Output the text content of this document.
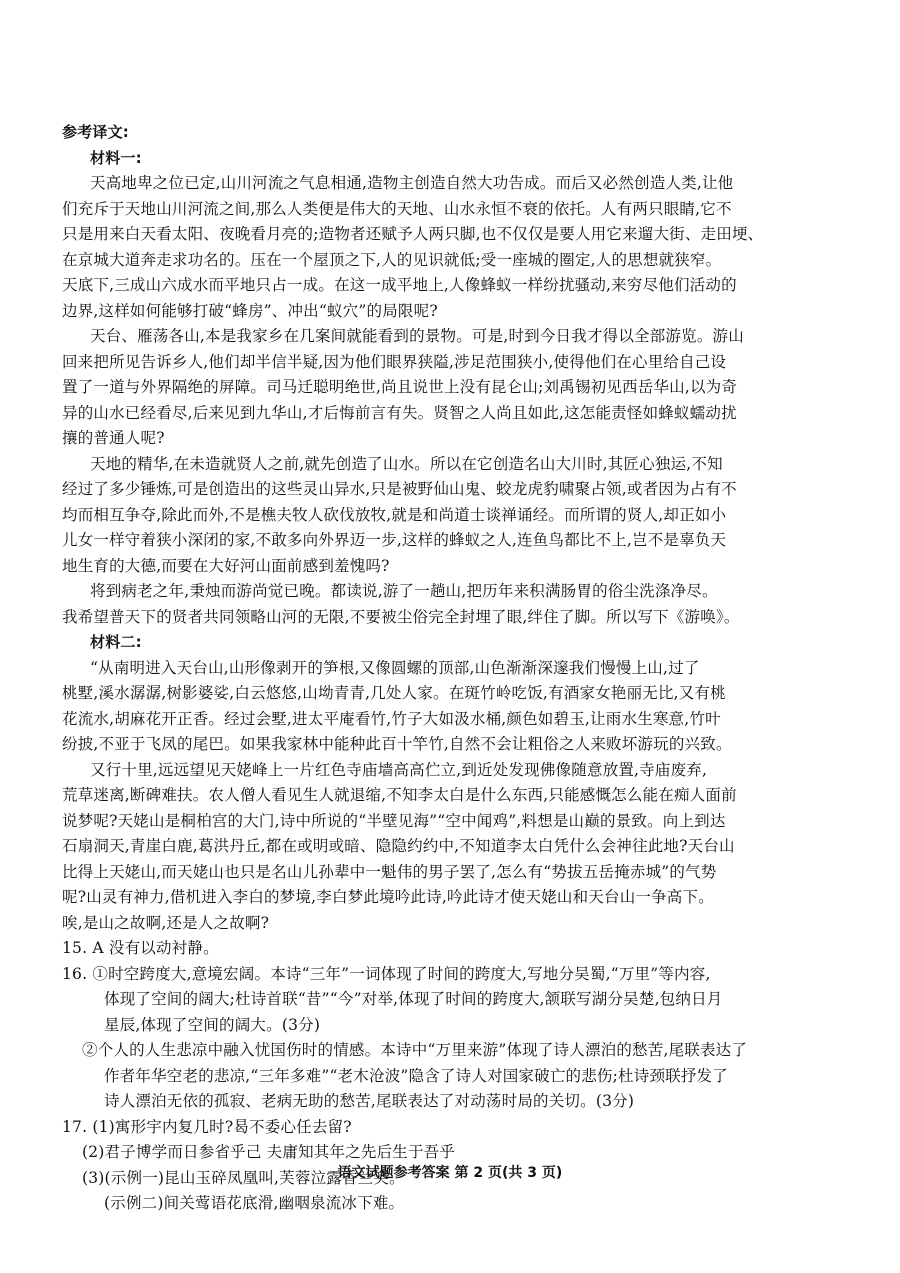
参考译文:
材料一:
天高地卑之位已定,山川河流之气息相通,造物主创造自然大功告成。而后又必然创造人类,让他
们充斥于天地山川河流之间,那么人类便是伟大的天地、山水永恒不衰的依托。人有两只眼睛,它不
只是用来白天看太阳、夜晚看月亮的;造物者还赋予人两只脚,也不仅仅是要人用它来遛大街、走田埂、
在京城大道奔走求功名的。压在一个屋顶之下,人的见识就低;受一座城的圈定,人的思想就狭窄。
天底下,三成山六成水而平地只占一成。在这一成平地上,人像蜂蚁一样纷扰骚动,来穷尽他们活动的
边界,这样如何能够打破“蜂房”、冲出“蚁穴”的局限呢?
天台、雁荡各山,本是我家乡在几案间就能看到的景物。可是,时到今日我才得以全部游览。游山
回来把所见告诉乡人,他们却半信半疑,因为他们眼界狭隘,涉足范围狭小,使得他们在心里给自己设
置了一道与外界隔绝的屏障。司马迁聪明绝世,尚且说世上没有昆仑山;刘禹锡初见西岳华山,以为奇
异的山水已经看尽,后来见到九华山,才后悔前言有失。贤智之人尚且如此,这怎能责怪如蜂蚁蠕动扰
攘的普通人呢?
天地的精华,在未造就贤人之前,就先创造了山水。所以在它创造名山大川时,其匠心独运,不知
经过了多少锤炼,可是创造出的这些灵山异水,只是被野仙山鬼、蛟龙虎豹啸聚占领,或者因为占有不
均而相互争夺,除此而外,不是樵夫牧人砍伐放牧,就是和尚道士谈禅诵经。而所谓的贤人,却正如小
儿女一样守着狭小深闭的家,不敢多向外界迈一步,这样的蜂蚁之人,连鱼鸟都比不上,岂不是辜负天
地生育的大德,而要在大好河山面前感到羞愧吗?
将到病老之年,秉烛而游尚觉已晚。都读说,游了一趟山,把历年来积满肠胃的俗尘洗涤净尽。
我希望普天下的贤者共同领略山河的无限,不要被尘俗完全封埋了眼,绊住了脚。所以写下《游唤》。
材料二:
“从南明进入天台山,山形像剥开的笋根,又像圆螺的顶部,山色渐渐深邃我们慢慢上山,过了
桃墅,溪水潺潺,树影婆娑,白云悠悠,山坳青青,几处人家。在斑竹岭吃饭,有酒家女艳丽无比,又有桃
花流水,胡麻花开正香。经过会墅,进太平庵看竹,竹子大如汲水桶,颜色如碧玉,让雨水生寒意,竹叶
纷披,不亚于飞凤的尾巴。如果我家林中能种此百十竿竹,自然不会让粗俗之人来败坏游玩的兴致。
又行十里,远远望见天姥峰上一片红色寺庙墙高高伫立,到近处发现佛像随意放置,寺庙废弃,
荒草迷离,断碑难扶。农人僧人看见生人就退缩,不知李太白是什么东西,只能感慨怎么能在痴人面前
说梦呢?天姥山是桐柏宫的大门,诗中所说的“半壁见海”“空中闻鸡”,料想是山巅的景致。向上到达
石扇洞天,青崖白鹿,葛洪丹丘,都在或明或暗、隐隐约约中,不知道李太白凭什么会神往此地?天台山
比得上天姥山,而天姥山也只是名山儿孙辈中一魁伟的男子罢了,怎么有“势拔五岳掩赤城”的气势
呢?山灵有神力,借机进入李白的梦境,李白梦此境吟此诗,吟此诗才使天姥山和天台山一争高下。
唉,是山之故啊,还是人之故啊?
15. A 没有以动衬静。
16. ①时空跨度大,意境宏阔。本诗“三年”一词体现了时间的跨度大,写地分吴蜀,“万里”等内容,
体现了空间的阔大;杜诗首联“昔”“今”对举,体现了时间的跨度大,颔联写湖分吴楚,包纳日月
星辰,体现了空间的阔大。(3分)
②个人的人生悲凉中融入忧国伤时的情感。本诗中“万里来游”体现了诗人漂泊的愁苦,尾联表达了
作者年华空老的悲凉,“三年多难”“老木沧波”隐含了诗人对国家破亡的悲伤;杜诗颈联抒发了
诗人漂泊无依的孤寂、老病无助的愁苦,尾联表达了对动荡时局的关切。(3分)
17. (1)寓形宇内复几时?曷不委心任去留?
(2)君子博学而日参省乎己 夫庸知其年之先后生于吾乎
(3)(示例一)昆山玉碎凤凰叫,芙蓉泣露香兰笑。
(示例二)间关莺语花底滑,幽咽泉流冰下难。
语文试题参考答案 第 2 页(共 3 页)
